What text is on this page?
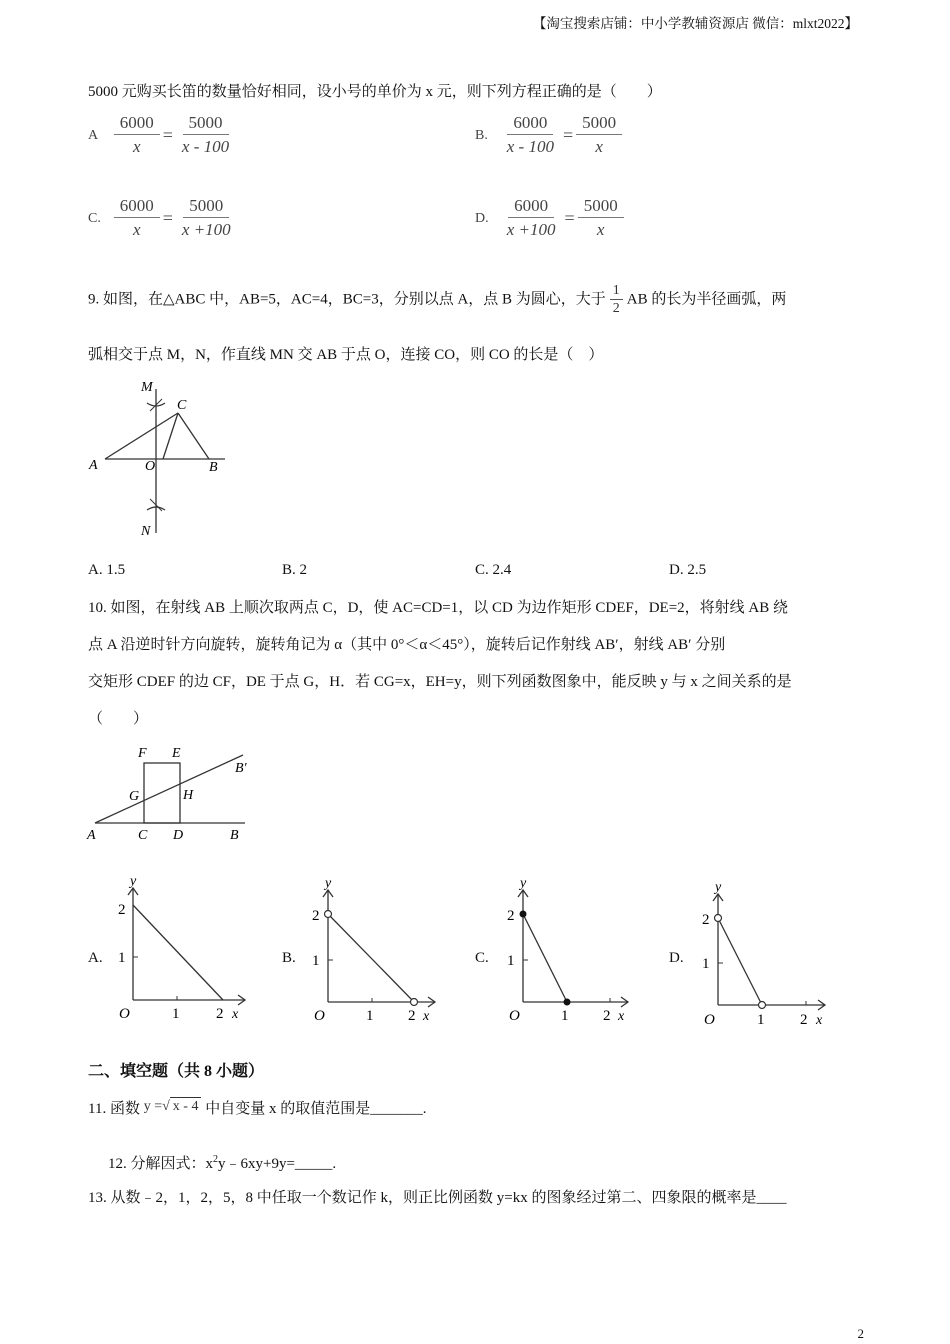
【淘宝搜索店铺：中小学教辅资源店 微信：mlxt2022】
5000 元购买长笛的数量恰好相同，设小号的单价为 x 元，则下列方程正确的是（　　）
A $\frac{6000}{x} = \frac{5000}{x - 100}$	B. $\frac{6000}{x - 100} = \frac{5000}{x}$
C. $\frac{6000}{x} = \frac{5000}{x +100}$	D. $\frac{6000}{x +100} = \frac{5000}{x}$
9. 如图，在△ABC 中，AB=5，AC=4，BC=3，分别以点 A，点 B 为圆心，大于 $\frac{1}{2}$ AB 的长为半径画弧，两
弧相交于点 M，N，作直线 MN 交 AB 于点 O，连接 CO，则 CO 的长是（　）
M
C
A	O	B
N
A. 1.5	B. 2	C. 2.4	D. 2.5
10. 如图，在射线 AB 上顺次取两点 C，D，使 AC=CD=1，以 CD 为边作矩形 CDEF，DE=2，将射线 AB 绕
点 A 沿逆时针方向旋转，旋转角记为 α（其中 0°＜α＜45°），旋转后记作射线 AB′，射线 AB′ 分别
交矩形 CDEF 的边 CF，DE 于点 G，H．若 CG=x，EH=y，则下列函数图象中，能反映 y 与 x 之间关系的是
（　　）
F E
B′
G	H
A	C D	B
A.
y
2
1
O	1 2 x
B.
y
2
1
O	1 2 x
C.
y
2
1
O	1 2 x
D.
y
2
1
O	1 2 x
二、填空题（共 8 小题）
11. 函数 y =√ x - 4 中自变量 x 的取值范围是_______.
12. 分解因式：$x^2y﹣6xy+9y=\_\_\_\_\_$.
13. 从数﹣2，1，2，5，8 中任取一个数记作 k，则正比例函数 y=kx 的图象经过第二、四象限的概率是____
2
